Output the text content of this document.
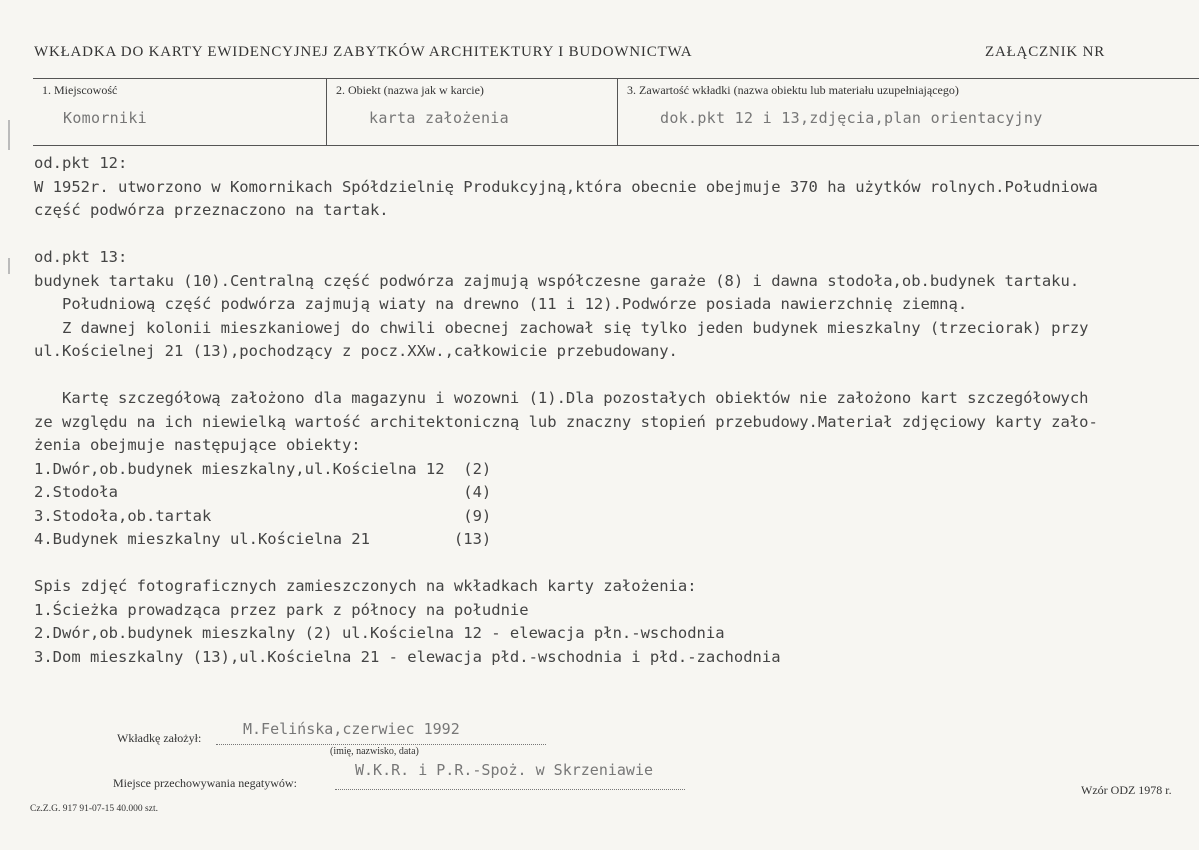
WKŁADKA DO KARTY EWIDENCYJNEJ ZABYTKÓW ARCHITEKTURY I BUDOWNICTWA	ZAŁĄCZNIK NR
1. Miejscowość
Komorniki
2. Obiekt (nazwa jak w karcie)
karta założenia
3. Zawartość wkładki (nazwa obiektu lub materiału uzupełniającego)
dok.pkt 12 i 13,zdjęcia,plan orientacyjny
od.pkt 12:
W 1952r. utworzono w Komornikach Spółdzielnię Produkcyjną,która obecnie obejmuje 370 ha użytków rolnych.Południowa
część podwórza przeznaczono na tartak.
od.pkt 13:
budynek tartaku (10).Centralną część podwórza zajmują współczesne garaże (8) i dawna stodoła,ob.budynek tartaku.
Południową część podwórza zajmują wiaty na drewno (11 i 12).Podwórze posiada nawierzchnię ziemną.
Z dawnej kolonii mieszkaniowej do chwili obecnej zachował się tylko jeden budynek mieszkalny (trzeciorak) przy
ul.Kościelnej 21 (13),pochodzący z pocz.XXw.,całkowicie przebudowany.
Kartę szczegółową założono dla magazynu i wozowni (1).Dla pozostałych obiektów nie założono kart szczegółowych
ze względu na ich niewielką wartość architektoniczną lub znaczny stopień przebudowy.Materiał zdjęciowy karty zało-
żenia obejmuje następujące obiekty:
1.Dwór,ob.budynek mieszkalny,ul.Kościelna 12  (2)
2.Stodoła                                     (4)
3.Stodoła,ob.tartak                           (9)
4.Budynek mieszkalny ul.Kościelna 21         (13)
Spis zdjęć fotograficznych zamieszczonych na wkładkach karty założenia:
1.Ścieżka prowadząca przez park z północy na południe
2.Dwór,ob.budynek mieszkalny (2) ul.Kościelna 12 - elewacja płn.-wschodnia
3.Dom mieszkalny (13),ul.Kościelna 21 - elewacja płd.-wschodnia i płd.-zachodnia
Wkładkę założył:	M.Felińska,czerwiec 1992
(imię, nazwisko, data)
Miejsce przechowywania negatywów:
W.K.R. i P.R.-Spoż. w Skrzeniawie
Cz.Z.G. 917 91-07-15 40.000 szt.
Wzór ODZ 1978 r.
